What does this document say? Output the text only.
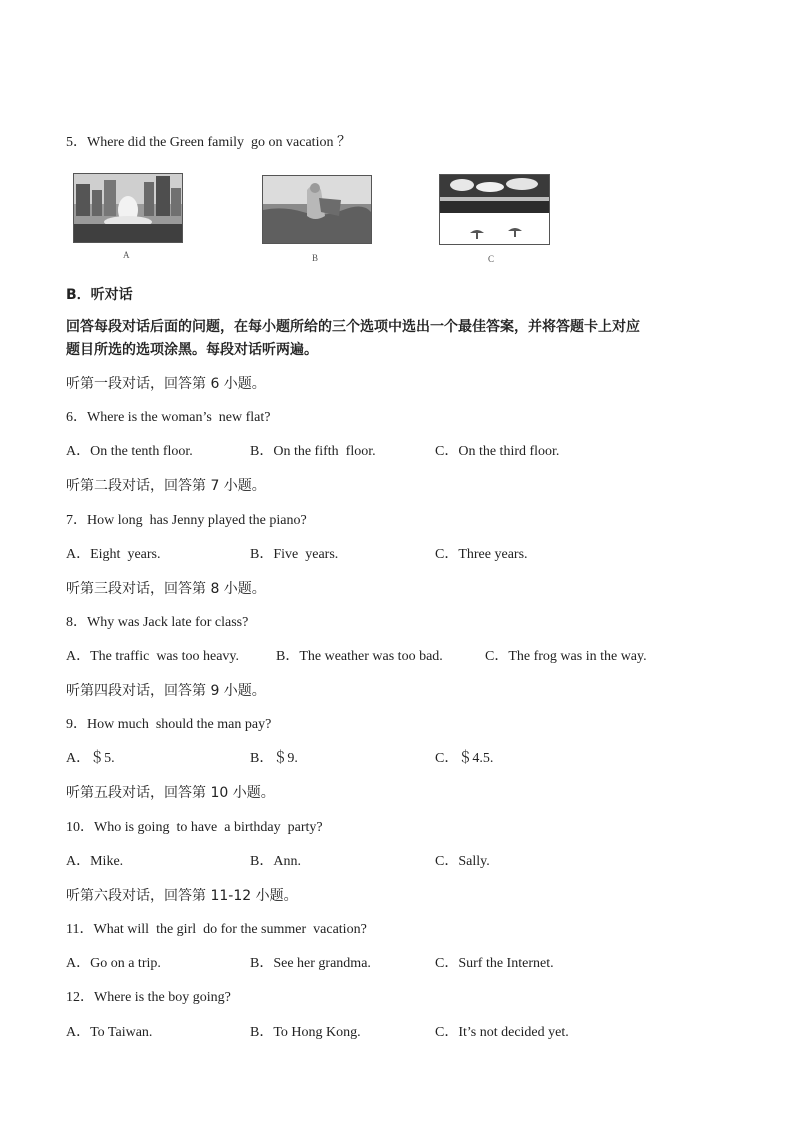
5．Where did the Green family  go on vacation ？
A	B	C
B．听对话
回答每段对话后面的问题，在每小题所给的三个选项中选出一个最佳答案，并将答题卡上对应
题目所选的选项涂黑。每段对话听两遍。
听第一段对话，回答第 6 小题。
6．Where is the woman’s  new flat?
A．On the tenth floor.	B．On the fifth  floor.	C．On the third floor.
听第二段对话，回答第 7 小题。
7．How long  has Jenny played the piano?
A．Eight  years.	B．Five  years.	C．Three years.
听第三段对话，回答第 8 小题。
8．Why was Jack late for class?
A．The traffic  was too heavy.	B．The weather was too bad.	C．The frog was in the way.
听第四段对话，回答第 9 小题。
9．How much  should the man pay?
A．＄5.	B．＄9.	C．＄4.5.
听第五段对话，回答第 10 小题。
10．Who is going  to have  a birthday  party?
A．Mike.	B．Ann.	C．Sally.
听第六段对话，回答第 11-12 小题。
11．What will  the girl  do for the summer  vacation?
A．Go on a trip.	B．See her grandma.	C．Surf the Internet.
12．Where is the boy going?
A．To Taiwan.	B．To Hong Kong.	C．It’s not decided yet.
